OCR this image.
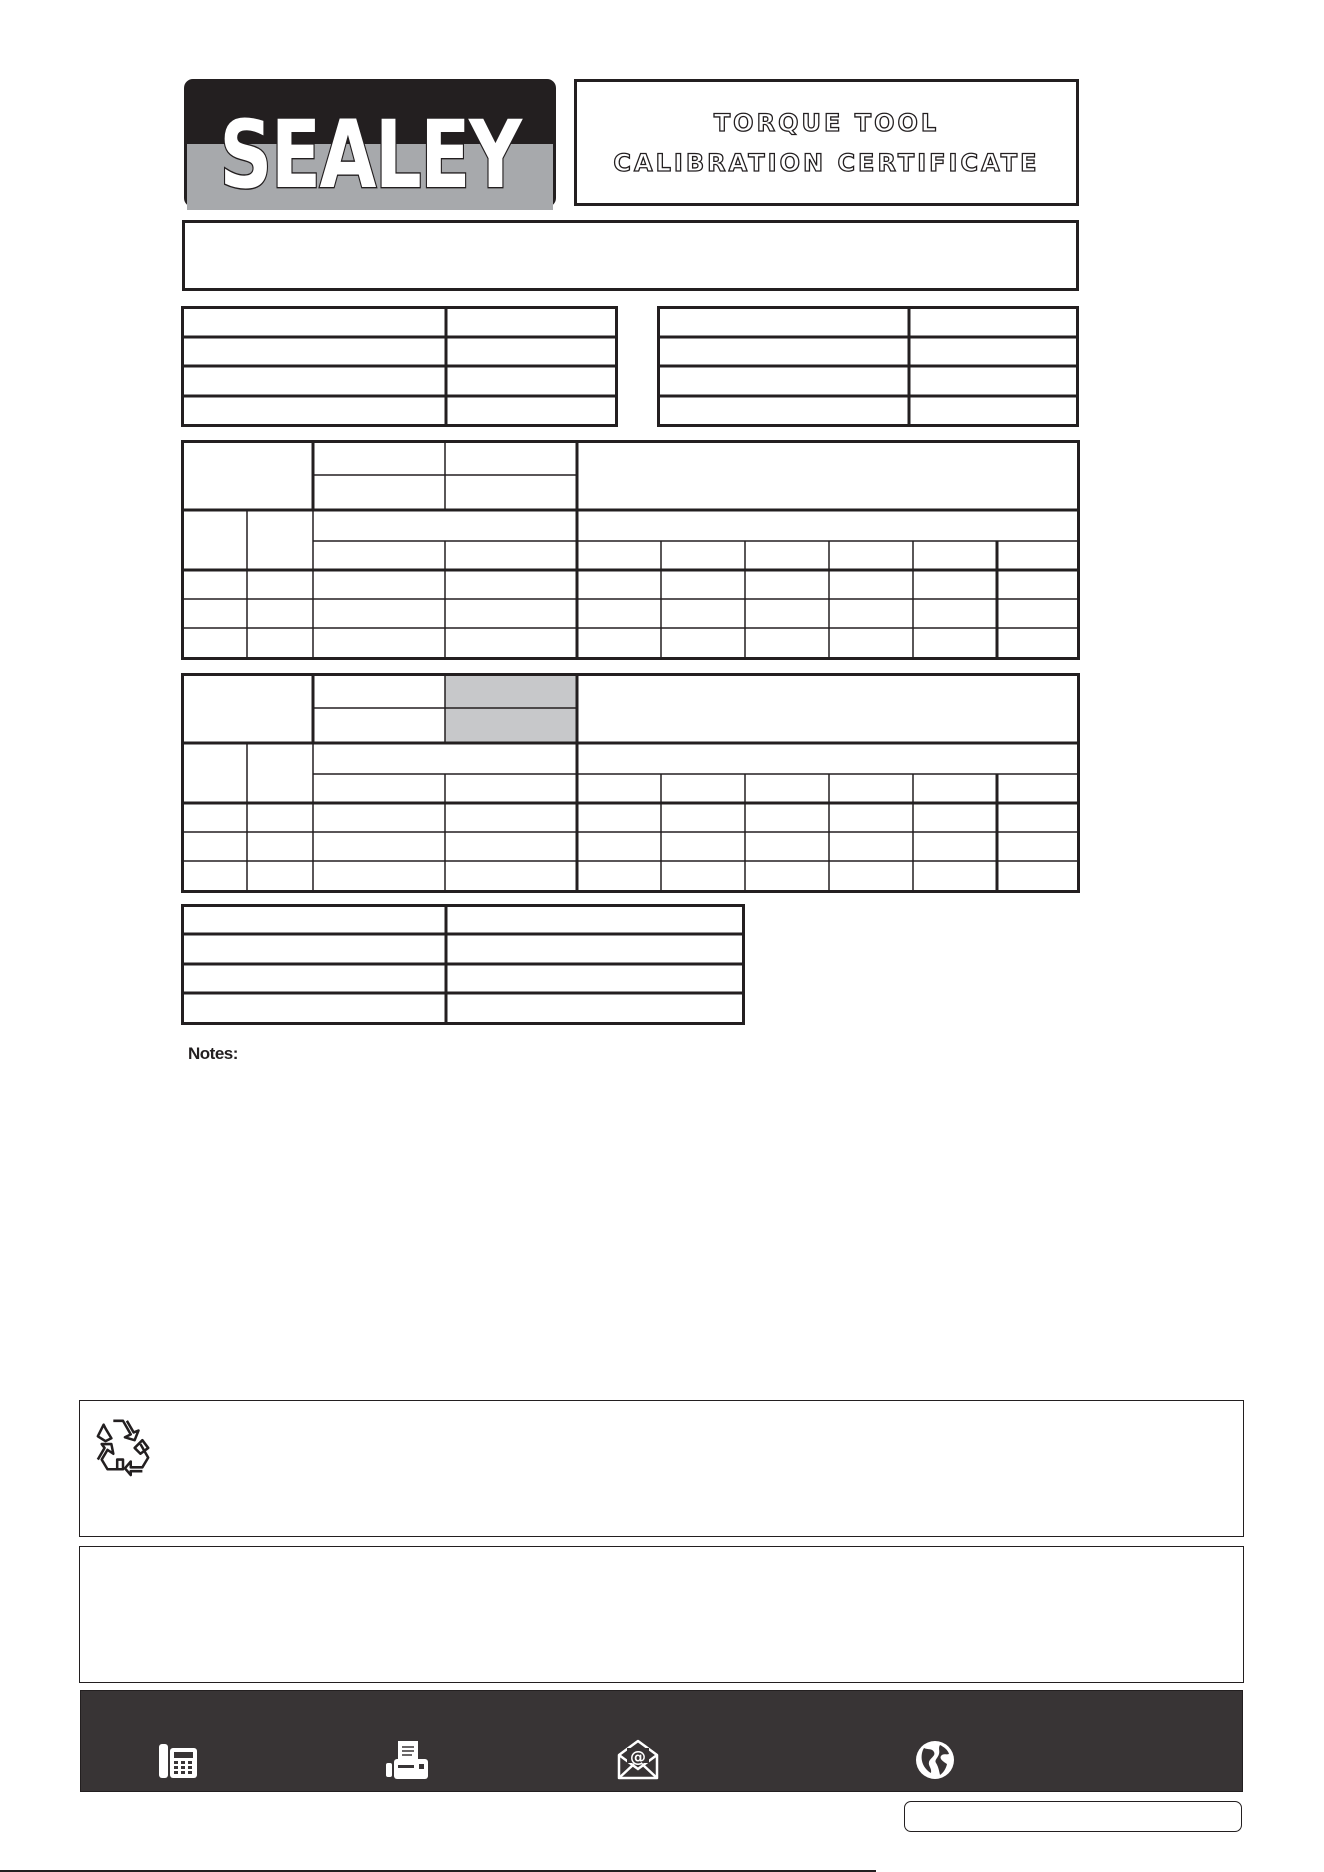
SEALEY	TORQUE TOOL
CALIBRATION CERTIFICATE
Notes:
@
